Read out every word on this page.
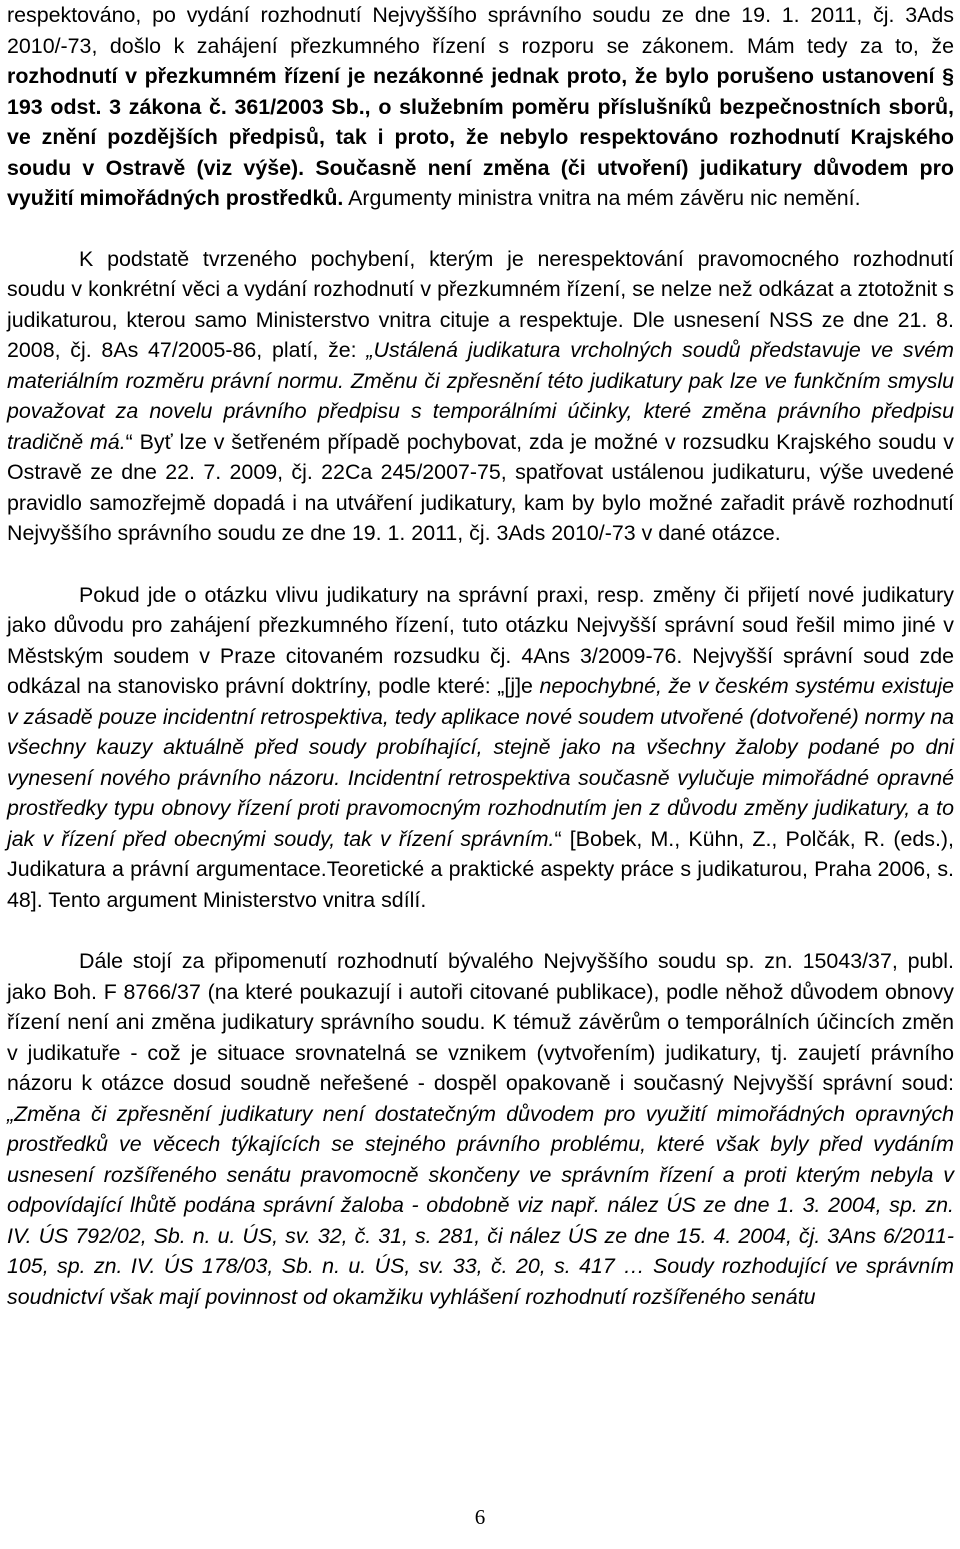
respektováno, po vydání rozhodnutí Nejvyššího správního soudu ze dne 19. 1. 2011, čj. 3Ads 2010/-73, došlo k zahájení přezkumného řízení s rozporu se zákonem. Mám tedy za to, že rozhodnutí v přezkumném řízení je nezákonné jednak proto, že bylo porušeno ustanovení § 193 odst. 3 zákona č. 361/2003 Sb., o služebním poměru příslušníků bezpečnostních sborů, ve znění pozdějších předpisů, tak i proto, že nebylo respektováno rozhodnutí Krajského soudu v Ostravě (viz výše). Současně není změna (či utvoření) judikatury důvodem pro využití mimořádných prostředků. Argumenty ministra vnitra na mém závěru nic nemění.

K podstatě tvrzeného pochybení, kterým je nerespektování pravomocného rozhodnutí soudu v konkrétní věci a vydání rozhodnutí v přezkumném řízení, se nelze než odkázat a ztotožnit s judikaturou, kterou samo Ministerstvo vnitra cituje a respektuje. Dle usnesení NSS ze dne 21. 8. 2008, čj. 8As 47/2005-86, platí, že: „Ustálená judikatura vrcholných soudů představuje ve svém materiálním rozměru právní normu. Změnu či zpřesnění této judikatury pak lze ve funkčním smyslu považovat za novelu právního předpisu s temporálními účinky, které změna právního předpisu tradičně má.“ Byť lze v šetřeném případě pochybovat, zda je možné v rozsudku Krajského soudu v Ostravě ze dne 22. 7. 2009, čj. 22Ca 245/2007-75, spatřovat ustálenou judikaturu, výše uvedené pravidlo samozřejmě dopadá i na utváření judikatury, kam by bylo možné zařadit právě rozhodnutí Nejvyššího správního soudu ze dne 19. 1. 2011, čj. 3Ads 2010/-73 v dané otázce.

Pokud jde o otázku vlivu judikatury na správní praxi, resp. změny či přijetí nové judikatury jako důvodu pro zahájení přezkumného řízení, tuto otázku Nejvyšší správní soud řešil mimo jiné v Městským soudem v Praze citovaném rozsudku čj. 4Ans 3/2009-76. Nejvyšší správní soud zde odkázal na stanovisko právní doktríny, podle které: „[j]e nepochybné, že v českém systému existuje v zásadě pouze incidentní retrospektiva, tedy aplikace nové soudem utvořené (dotvořené) normy na všechny kauzy aktuálně před soudy probíhající, stejně jako na všechny žaloby podané po dni vynesení nového právního názoru. Incidentní retrospektiva současně vylučuje mimořádné opravné prostředky typu obnovy řízení proti pravomocným rozhodnutím jen z důvodu změny judikatury, a to jak v řízení před obecnými soudy, tak v řízení správním.“ [Bobek, M., Kühn, Z., Polčák, R. (eds.), Judikatura a právní argumentace.Teoretické a praktické aspekty práce s judikaturou, Praha 2006, s. 48]. Tento argument Ministerstvo vnitra sdílí.

Dále stojí za připomenutí rozhodnutí bývalého Nejvyššího soudu sp. zn. 15043/37, publ. jako Boh. F 8766/37 (na které poukazují i autoři citované publikace), podle něhož důvodem obnovy řízení není ani změna judikatury správního soudu. K témuž závěrům o temporálních účincích změn v judikatuře - což je situace srovnatelná se vznikem (vytvořením) judikatury, tj. zaujetí právního názoru k otázce dosud soudně neřešené - dospěl opakovaně i současný Nejvyšší správní soud: „Změna či zpřesnění judikatury není dostatečným důvodem pro využití mimořádných opravných prostředků ve věcech týkajících se stejného právního problému, které však byly před vydáním usnesení rozšířeného senátu pravomocně skončeny ve správním řízení a proti kterým nebyla v odpovídající lhůtě podána správní žaloba - obdobně viz např. nález ÚS ze dne 1. 3. 2004, sp. zn. IV. ÚS 792/02, Sb. n. u. ÚS, sv. 32, č. 31, s. 281, či nález ÚS ze dne 15. 4. 2004, čj. 3Ans 6/2011-105, sp. zn. IV. ÚS 178/03, Sb. n. u. ÚS, sv. 33, č. 20, s. 417 … Soudy rozhodující ve správním soudnictví však mají povinnost od okamžiku vyhlášení rozhodnutí rozšířeného senátu

6
